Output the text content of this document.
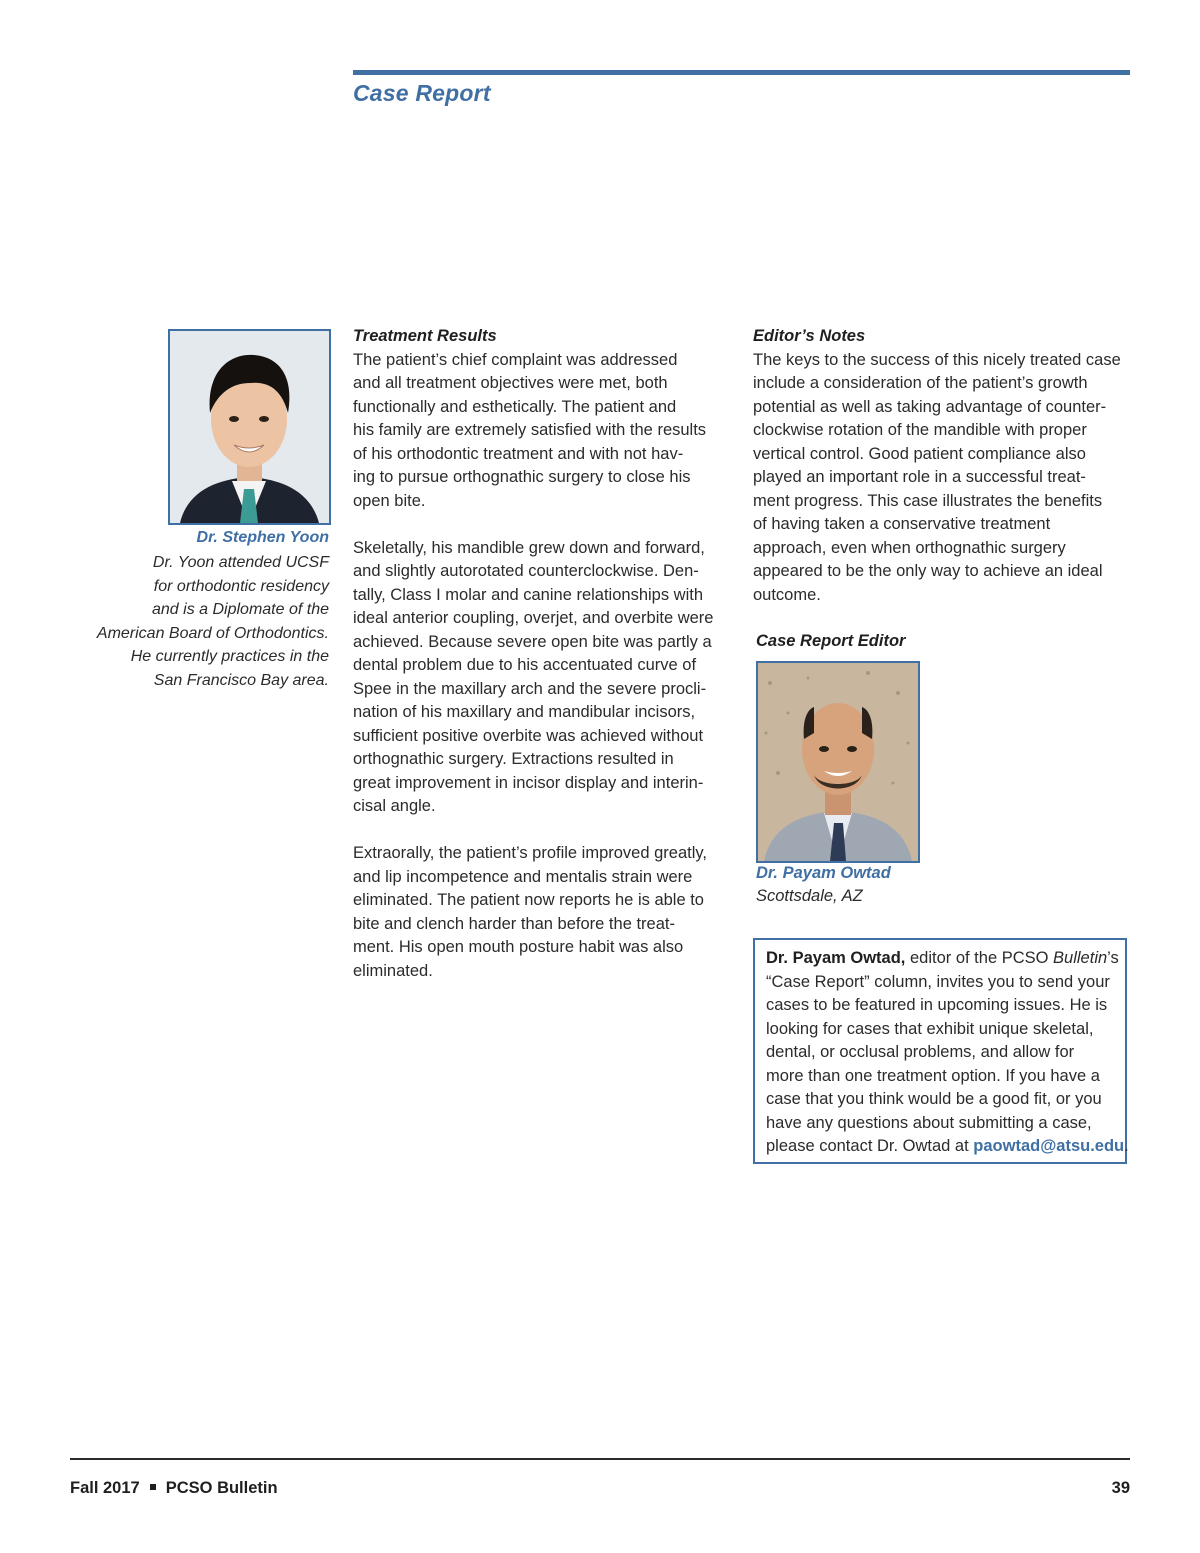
Case Report
Dr. Stephen Yoon
Dr. Yoon attended UCSF
for orthodontic residency
and is a Diplomate of the
American Board of Orthodontics.
He currently practices in the
San Francisco Bay area.
Treatment Results
The patient’s chief complaint was addressed
and all treatment objectives were met, both
functionally and esthetically. The patient and
his family are extremely satisfied with the results
of his orthodontic treatment and with not hav-
ing to pursue orthognathic surgery to close his
open bite.
Skeletally, his mandible grew down and forward,
and slightly autorotated counterclockwise. Den-
tally, Class I molar and canine relationships with
ideal anterior coupling, overjet, and overbite were
achieved. Because severe open bite was partly a
dental problem due to his accentuated curve of
Spee in the maxillary arch and the severe procli-
nation of his maxillary and mandibular incisors,
sufficient positive overbite was achieved without
orthognathic surgery. Extractions resulted in
great improvement in incisor display and interin-
cisal angle.
Extraorally, the patient’s profile improved greatly,
and lip incompetence and mentalis strain were
eliminated. The patient now reports he is able to
bite and clench harder than before the treat-
ment. His open mouth posture habit was also
eliminated.
Editor’s Notes
The keys to the success of this nicely treated case
include a consideration of the patient’s growth
potential as well as taking advantage of counter-
clockwise rotation of the mandible with proper
vertical control. Good patient compliance also
played an important role in a successful treat-
ment progress. This case illustrates the benefits
of having taken a conservative treatment
approach, even when orthognathic surgery
appeared to be the only way to achieve an ideal
outcome.
Case Report Editor
Dr. Payam Owtad
Scottsdale, AZ
Dr. Payam Owtad, editor of the PCSO Bulletin’s
“Case Report” column, invites you to send your
cases to be featured in upcoming issues. He is
looking for cases that exhibit unique skeletal,
dental, or occlusal problems, and allow for
more than one treatment option. If you have a
case that you think would be a good fit, or you
have any questions about submitting a case,
please contact Dr. Owtad at paowtad@atsu.edu.
Fall 2017 PCSO Bulletin	39
